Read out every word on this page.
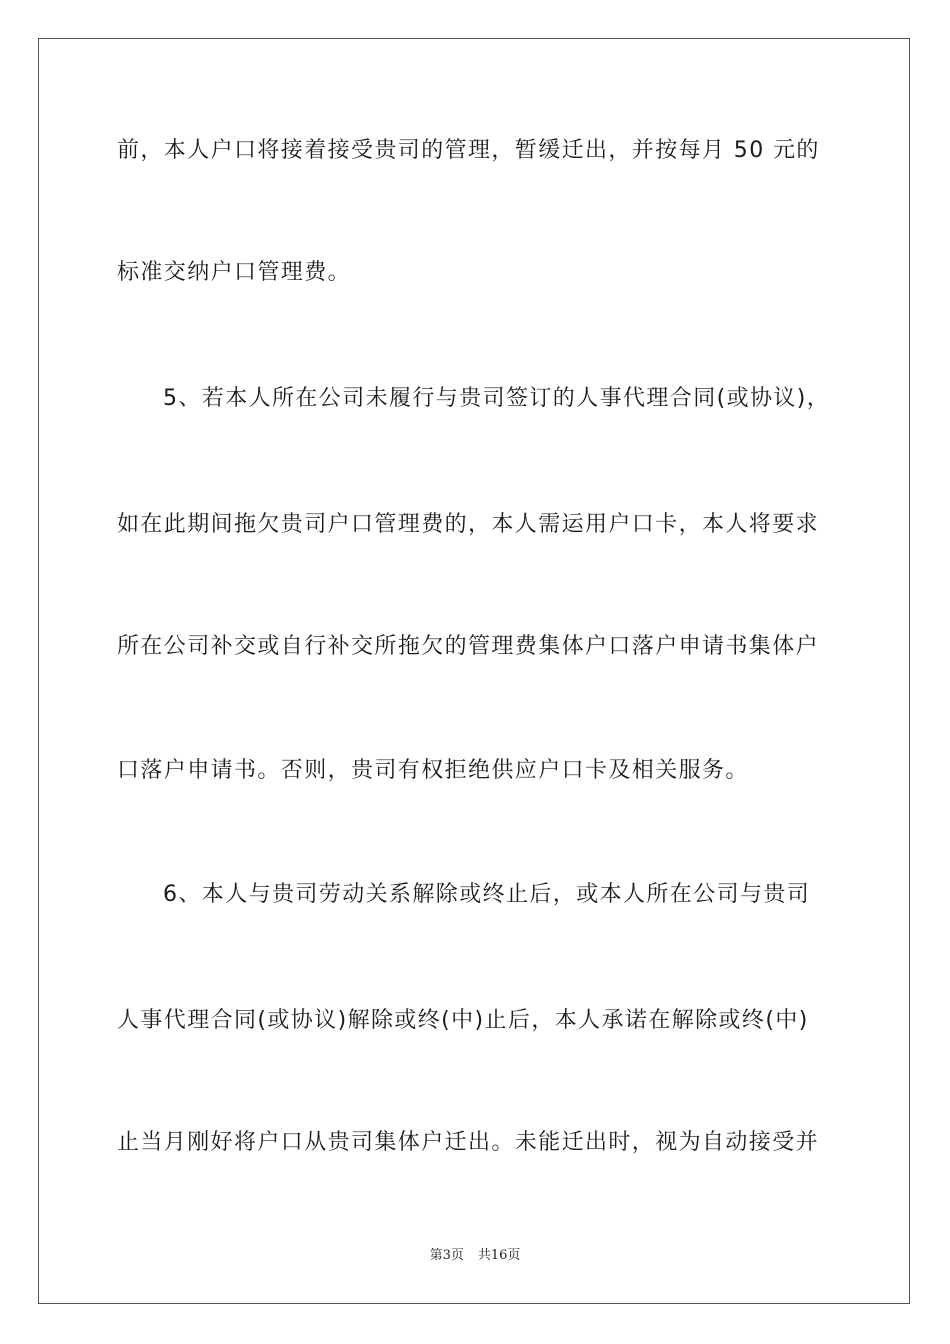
前，本人户口将接着接受贵司的管理，暂缓迁出，并按每月 50 元的
标准交纳户口管理费。
5、若本人所在公司未履行与贵司签订的人事代理合同(或协议)，
如在此期间拖欠贵司户口管理费的，本人需运用户口卡，本人将要求
所在公司补交或自行补交所拖欠的管理费集体户口落户申请书集体户
口落户申请书。否则，贵司有权拒绝供应户口卡及相关服务。
6、本人与贵司劳动关系解除或终止后，或本人所在公司与贵司
人事代理合同(或协议)解除或终(中)止后，本人承诺在解除或终(中)
止当月刚好将户口从贵司集体户迁出。未能迁出时，视为自动接受并
第3页 共16页
